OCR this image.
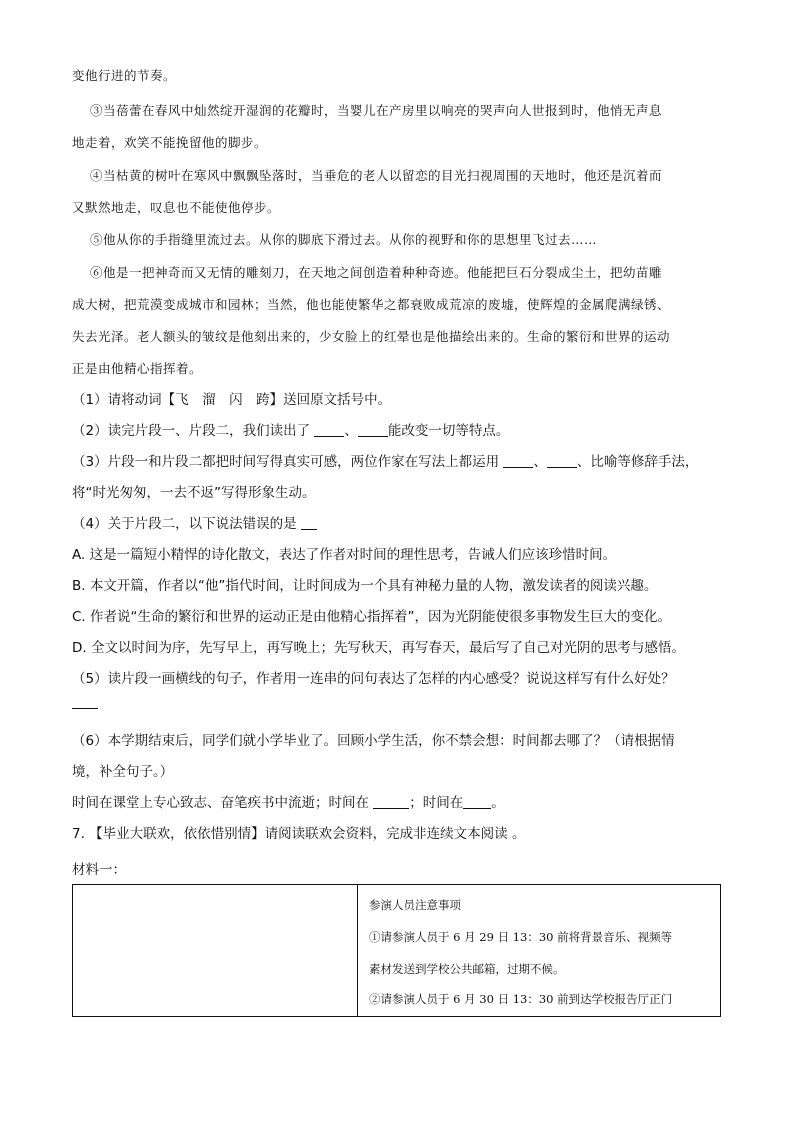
变他行进的节奏。
③当蓓蕾在春风中灿然绽开湿润的花瓣时，当婴儿在产房里以响亮的哭声向人世报到时，他悄无声息
地走着，欢笑不能挽留他的脚步。
④当枯黄的树叶在寒风中飘飘坠落时，当垂危的老人以留恋的目光扫视周围的天地时，他还是沉着而
又默然地走，叹息也不能使他停步。
⑤他从你的手指缝里流过去。从你的脚底下滑过去。从你的视野和你的思想里飞过去……
⑥他是一把神奇而又无情的雕刻刀，在天地之间创造着种种奇迹。他能把巨石分裂成尘土，把幼苗雕
成大树，把荒漠变成城市和园林；当然，他也能使繁华之都衰败成荒凉的废墟，使辉煌的金属爬满绿锈、
失去光泽。老人额头的皱纹是他刻出来的，少女脸上的红晕也是他描绘出来的。生命的繁衍和世界的运动
正是由他精心指挥着。
（1）请将动词【飞　溜　闪　跨】送回原文括号中。
（2）读完片段一、片段二，我们读出了 、 能改变一切等特点。
（3）片段一和片段二都把时间写得真实可感，两位作家在写法上都运用 、 、比喻等修辞手法，
将“时光匆匆，一去不返”写得形象生动。
（4）关于片段二，以下说法错误的是
A. 这是一篇短小精悍的诗化散文，表达了作者对时间的理性思考，告诫人们应该珍惜时间。
B. 本文开篇，作者以“他”指代时间，让时间成为一个具有神秘力量的人物，激发读者的阅读兴趣。
C. 作者说“生命的繁衍和世界的运动正是由他精心指挥着”，因为光阴能使很多事物发生巨大的变化。
D. 全文以时间为序，先写早上，再写晚上；先写秋天，再写春天，最后写了自己对光阴的思考与感悟。
（5）读片段一画横线的句子，作者用一连串的问句表达了怎样的内心感受？说说这样写有什么好处？
（6）本学期结束后，同学们就小学毕业了。回顾小学生活，你不禁会想：时间都去哪了？（请根据情
境，补全句子。）
时间在课堂上专心致志、奋笔疾书中流逝；时间在	；时间在 。
7. 【毕业大联欢，依依惜别情】请阅读联欢会资料，完成非连续文本阅读 。
材料一：
参演人员注意事项
①请参演人员于 6 月 29 日 13：30 前将背景音乐、视频等
素材发送到学校公共邮箱，过期不候。
②请参演人员于 6 月 30 日 13：30 前到达学校报告厅正门
